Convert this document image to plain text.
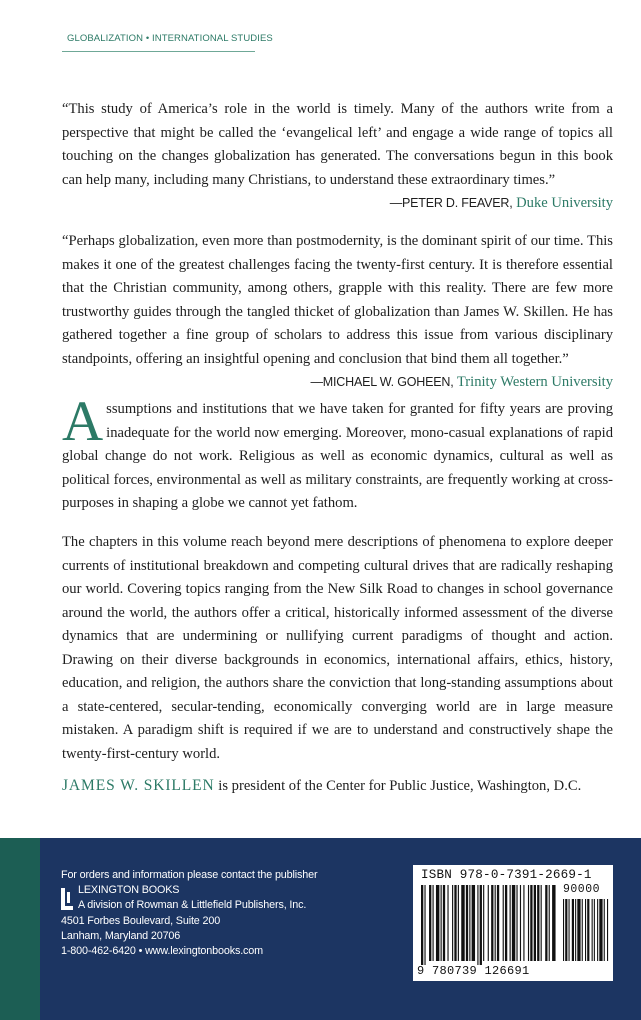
GLOBALIZATION • INTERNATIONAL STUDIES

“This study of America’s role in the world is timely. Many of the authors write from a perspective that might be called the ‘evangelical left’ and engage a wide range of topics all touching on the changes globalization has generated. The conversations begun in this book can help many, including many Christians, to understand these extraordinary times.”

—PETER D. FEAVER, Duke University

“Perhaps globalization, even more than postmodernity, is the dominant spirit of our time. This makes it one of the greatest challenges facing the twenty-first century. It is therefore essential that the Christian community, among others, grapple with this reality. There are few more trustworthy guides through the tangled thicket of globalization than James W. Skillen. He has gathered together a fine group of scholars to address this issue from various disciplinary standpoints, offering an insightful opening and conclusion that bind them all together.”

—MICHAEL W. GOHEEN, Trinity Western University

Assumptions and institutions that we have taken for granted for fifty years are proving inadequate for the world now emerging. Moreover, mono-casual explanations of rapid global change do not work. Religious as well as economic dynamics, cultural as well as political forces, environmental as well as military constraints, are frequently working at cross-purposes in shaping a globe we cannot yet fathom.

The chapters in this volume reach beyond mere descriptions of phenomena to explore deeper currents of institutional breakdown and competing cultural drives that are radically reshaping our world. Covering topics ranging from the New Silk Road to changes in school governance around the world, the authors offer a critical, historically informed assessment of the diverse dynamics that are undermining or nullifying current paradigms of thought and action. Drawing on their diverse backgrounds in economics, international affairs, ethics, history, education, and religion, the authors share the conviction that long-standing assumptions about a state-centered, secular-tending, economically converging world are in large measure mistaken. A paradigm shift is required if we are to understand and constructively shape the twenty-first-century world.

JAMES W. SKILLEN is president of the Center for Public Justice, Washington, D.C.

For orders and information please contact the publisher
LEXINGTON BOOKS
A division of Rowman & Littlefield Publishers, Inc.
4501 Forbes Boulevard, Suite 200
Lanham, Maryland 20706
1-800-462-6420 • www.lexingtonbooks.com
ISBN 978-0-7391-2669-1
90000
9 780739 126691
